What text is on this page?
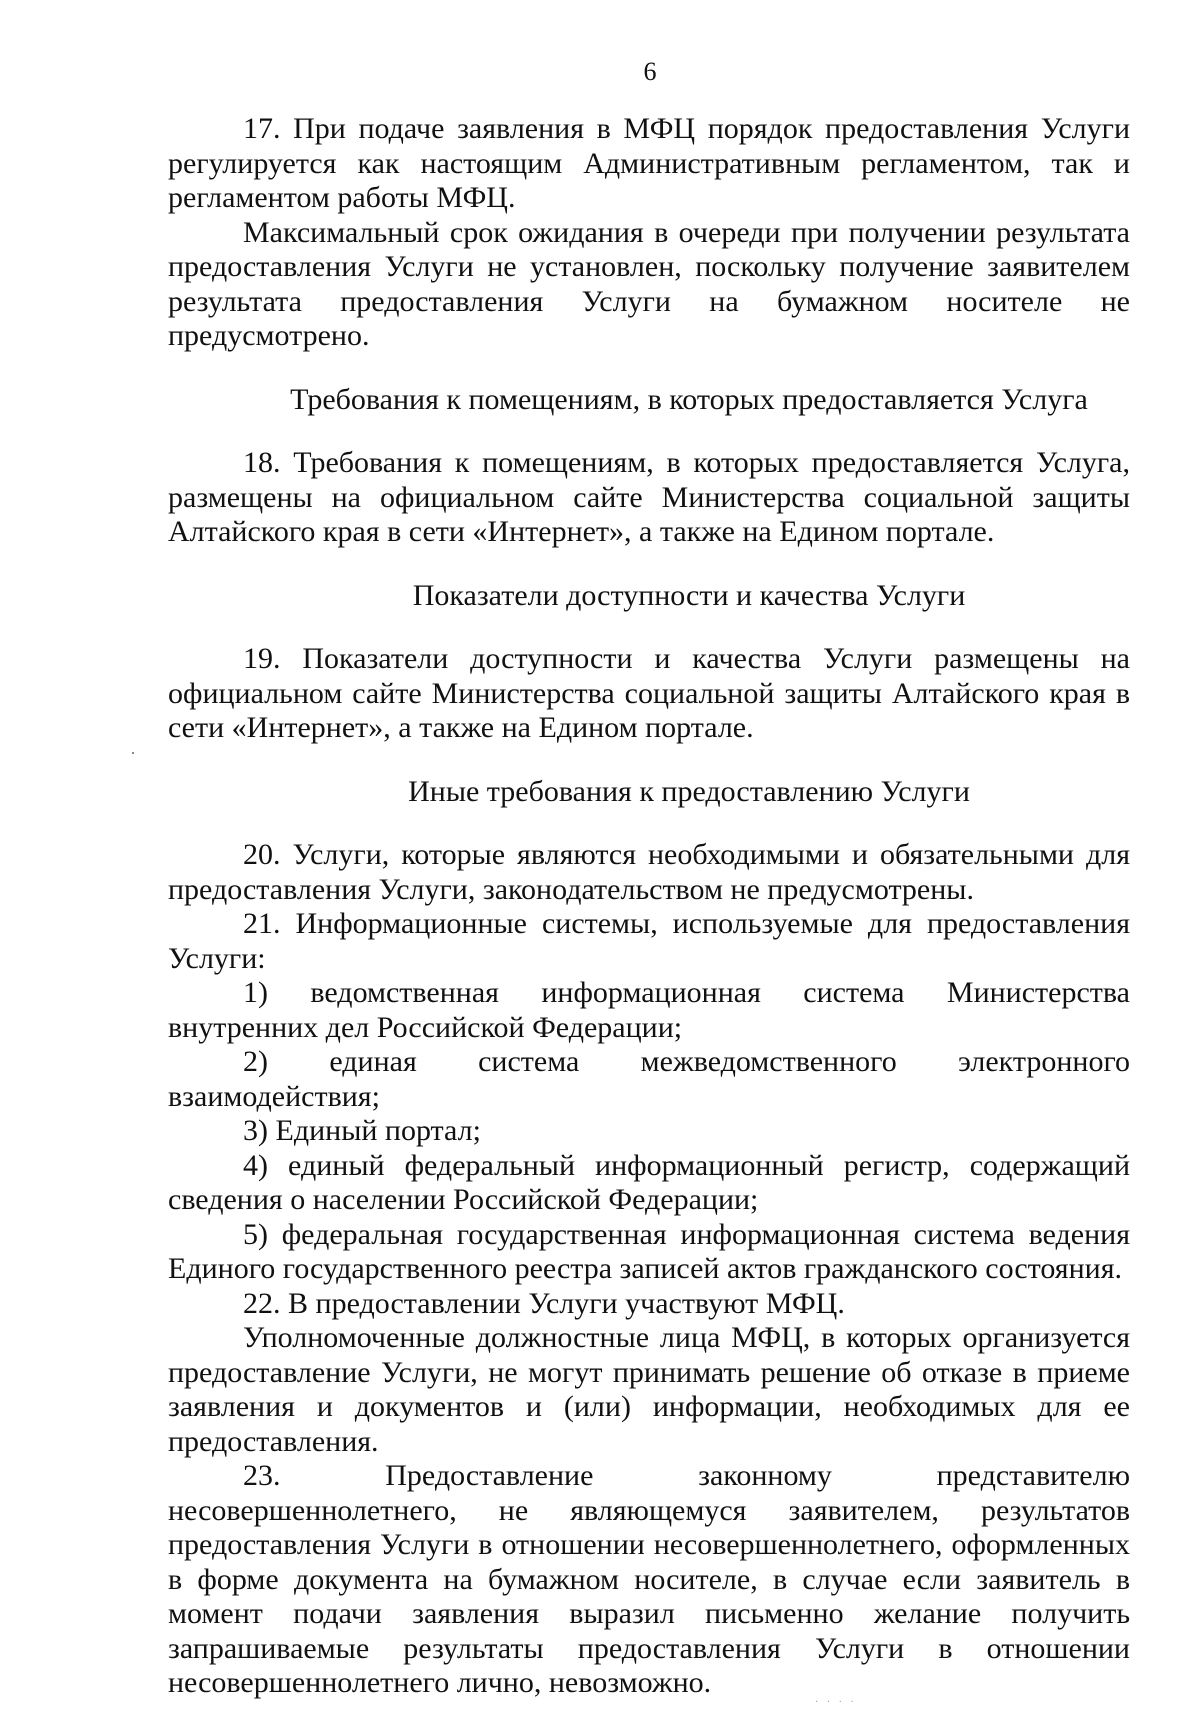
6

17. При подаче заявления в МФЦ порядок предоставления Услуги регулируется как настоящим Административным регламентом, так и регламентом работы МФЦ.

Максимальный срок ожидания в очереди при получении результата предоставления Услуги не установлен, поскольку получение заявителем результата предоставления Услуги на бумажном носителе не предусмотрено.

Требования к помещениям, в которых предоставляется Услуга

18. Требования к помещениям, в которых предоставляется Услуга, размещены на официальном сайте Министерства социальной защиты Алтайского края в сети «Интернет», а также на Едином портале.

Показатели доступности и качества Услуги

19. Показатели доступности и качества Услуги размещены на официальном сайте Министерства социальной защиты Алтайского края в сети «Интернет», а также на Едином портале.

Иные требования к предоставлению Услуги

20. Услуги, которые являются необходимыми и обязательными для предоставления Услуги, законодательством не предусмотрены.

21. Информационные системы, используемые для предоставления Услуги:

1) ведомственная информационная система Министерства внутренних дел Российской Федерации;

2) единая система межведомственного электронного взаимодействия;

3) Единый портал;

4) единый федеральный информационный регистр, содержащий сведения о населении Российской Федерации;

5) федеральная государственная информационная система ведения Единого государственного реестра записей актов гражданского состояния.

22. В предоставлении Услуги участвуют МФЦ.

Уполномоченные должностные лица МФЦ, в которых организуется предоставление Услуги, не могут принимать решение об отказе в приеме заявления и документов и (или) информации, необходимых для ее предоставления.

23. Предоставление законному представителю несовершеннолетнего, не являющемуся заявителем, результатов предоставления Услуги в отношении несовершеннолетнего, оформленных в форме документа на бумажном носителе, в случае если заявитель в момент подачи заявления выразил письменно желание получить запрашиваемые результаты предоставления Услуги в отношении несовершеннолетнего лично, невозможно.

· · · ·
